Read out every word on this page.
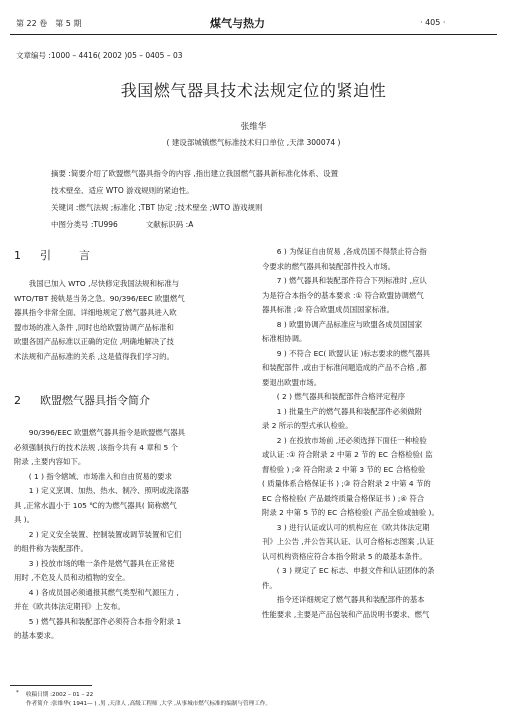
第 22 卷　第 5 期	煤气与热力	· 405 ·
文章编号 :1000 – 4416( 2002 )05 – 0405 – 03
我国燃气器具技术法规定位的紧迫性
张维华
( 建设部城镇燃气标准技术归口单位 ,天津 300074 )
摘要 :简要介绍了欧盟燃气器具指令的内容 ,指出建立我国燃气器具新标准化体系、设置
技术壁垒、适应 WTO 游戏规则的紧迫性。
关键词 :燃气法规 ;标准化 ;TBT 协定 ;技术壁垒 ;WTO 游戏规则
中图分类号 :TU996	文献标识码 :A
1 引言

我国已加入 WTO ,尽快修定我国法规和标准与

WTO/TBT 接轨是当务之急。90/396/EEC 欧盟燃气

器具指令非常全面、详细地规定了燃气器具进入欧

盟市场的准入条件 ,同时也给欧盟协调产品标准和

欧盟各国产品标准以正确的定位 ,明确地解决了技

术法规和产品标准的关系 ,这是值得我们学习的。

2 欧盟燃气器具指令简介

90/396/EEC 欧盟燃气器具指令是欧盟燃气器具

必须强制执行的技术法规 ,该指令共有 4 章和 5 个

附录 ,主要内容如下。

( 1 ) 指令辖域、市场准入和自由贸易的要求

1 ) 定义烹调、加热、热水、制冷、照明或洗涤器

具 ,正常水温小于 105 ℃的为燃气器具( 简称燃气

具 )。

2 ) 定义安全装置、控制装置或调节装置和它们

的组件称为装配部件。

3 ) 投放市场的唯一条件是燃气器具在正常使

用时 ,不危及人员和动植物的安全。

4 ) 各成员国必须通报其燃气类型和气源压力 ,

并在《欧共体法定期刊》上发布。

5 ) 燃气器具和装配部件必须符合本指令附录 1

的基本要求。

6 ) 为保证自由贸易 ,各成员国不得禁止符合指

令要求的燃气器具和装配部件投入市场。

7 ) 燃气器具和装配部件符合下列标准时 ,应认

为是符合本指令的基本要求 :① 符合欧盟协调燃气

器具标准 ;② 符合欧盟成员国国家标准。

8 ) 欧盟协调产品标准应与欧盟各成员国国家

标准相协调。

9 ) 不符合 EC( 欧盟认证 )标志要求的燃气器具

和装配部件 ,或由于标准问题造成的产品不合格 ,都

要退出欧盟市场。

( 2 ) 燃气器具和装配部件合格评定程序

1 ) 批量生产的燃气器具和装配部件必须做附

录 2 所示的型式承认检验。

2 ) 在投放市场前 ,还必须选择下面任一种检验

或认证 :① 符合附录 2 中第 2 节的 EC 合格检验( 监

督检验 ) ;② 符合附录 2 中第 3 节的 EC 合格检验

( 质量体系合格保证书 ) ;③ 符合附录 2 中第 4 节的

EC 合格检验( 产品最终质量合格保证书 ) ;④ 符合

附录 2 中第 5 节的 EC 合格检验( 产品全验或抽验 )。

3 ) 进行认证或认可的机构应在《欧共体法定期

刊》上公告 ,并公告其认证、认可合格标志图案 ,认证

认可机构资格应符合本指令附录 5 的最基本条件。

( 3 ) 规定了 EC 标志、申报文件和认证团体的条

件。

指令还详细规定了燃气器具和装配部件的基本

性能要求 ,主要是产品包装和产品说明书要求、燃气

* 收稿日期 :2002 – 01 – 22
作者简介 :张维华( 1941— ) ,男 ,天津人 ,高级工程师 ,大学 ,从事城市燃气标准的编制与管理工作。
